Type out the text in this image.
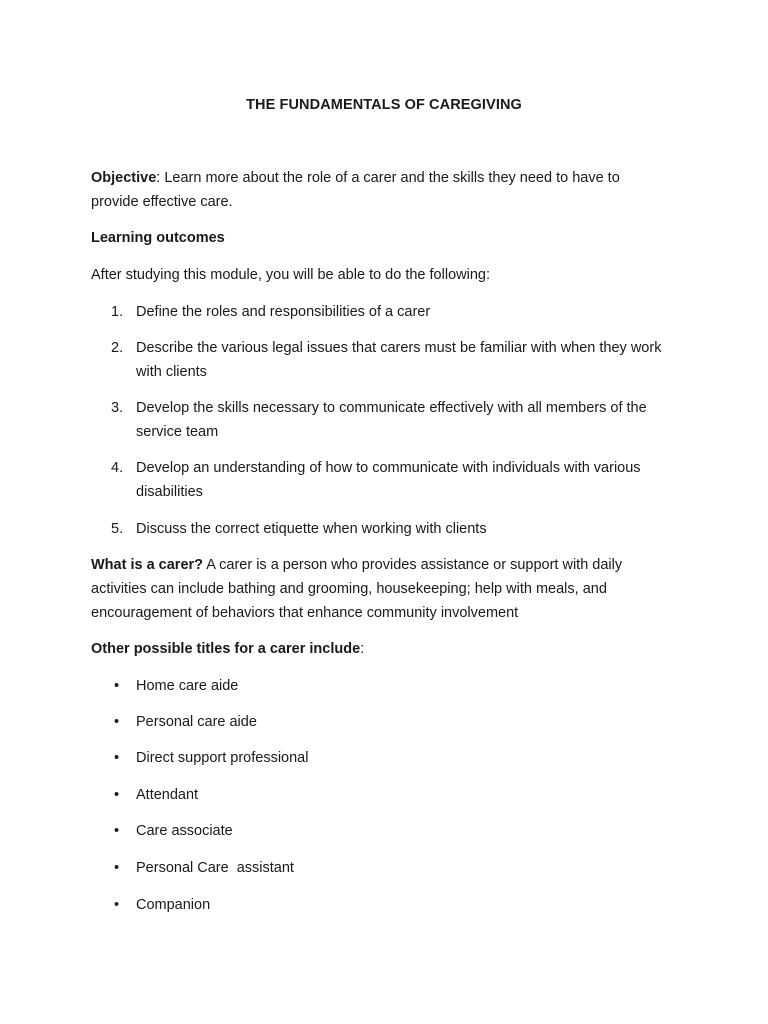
THE FUNDAMENTALS OF CAREGIVING
Objective: Learn more about the role of a carer and the skills they need to have to
provide effective care.
Learning outcomes
After studying this module, you will be able to do the following:
1. Define the roles and responsibilities of a carer
2. Describe the various legal issues that carers must be familiar with when they work
with clients
3. Develop the skills necessary to communicate effectively with all members of the
service team
4. Develop an understanding of how to communicate with individuals with various
disabilities
5. Discuss the correct etiquette when working with clients
What is a carer? A carer is a person who provides assistance or support with daily
activities can include bathing and grooming, housekeeping; help with meals, and
encouragement of behaviors that enhance community involvement
Other possible titles for a carer include:
• Home care aide
• Personal care aide
• Direct support professional
• Attendant
• Care associate
• Personal Care  assistant
• Companion
